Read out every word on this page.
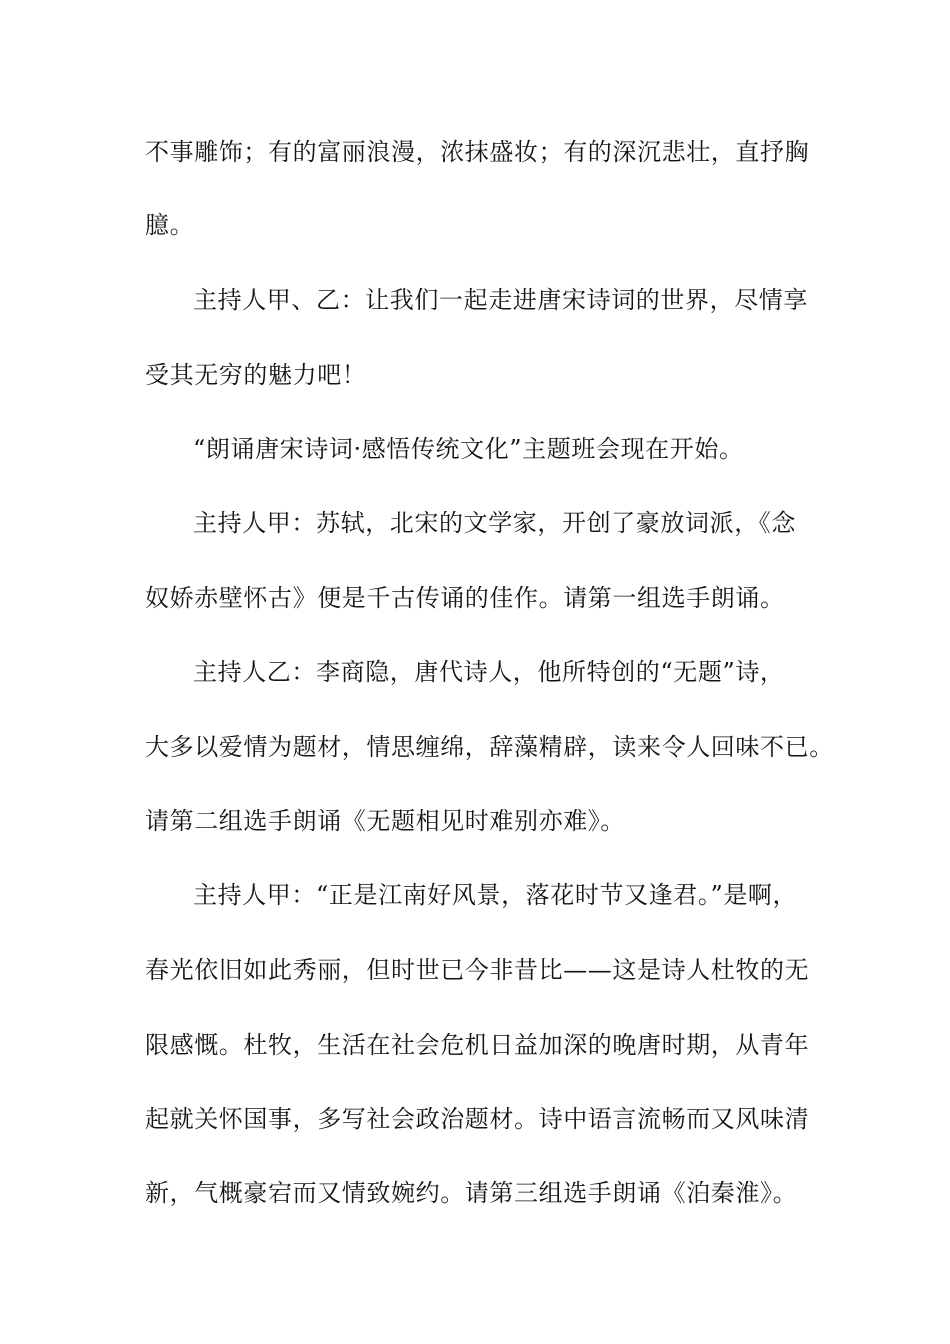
不事雕饰；有的富丽浪漫，浓抹盛妆；有的深沉悲壮，直抒胸
臆。
主持人甲、乙：让我们一起走进唐宋诗词的世界，尽情享
受其无穷的魅力吧！
“朗诵唐宋诗词·感悟传统文化”主题班会现在开始。
主持人甲：苏轼，北宋的文学家，开创了豪放词派，《念
奴娇赤壁怀古》便是千古传诵的佳作。请第一组选手朗诵。
主持人乙：李商隐，唐代诗人，他所特创的“无题”诗，
大多以爱情为题材，情思缠绵，辞藻精辟，读来令人回味不已。
请第二组选手朗诵《无题相见时难别亦难》。
主持人甲：“正是江南好风景，落花时节又逢君。”是啊，
春光依旧如此秀丽，但时世已今非昔比——这是诗人杜牧的无
限感慨。杜牧，生活在社会危机日益加深的晚唐时期，从青年
起就关怀国事，多写社会政治题材。诗中语言流畅而又风味清
新，气概豪宕而又情致婉约。请第三组选手朗诵《泊秦淮》。
